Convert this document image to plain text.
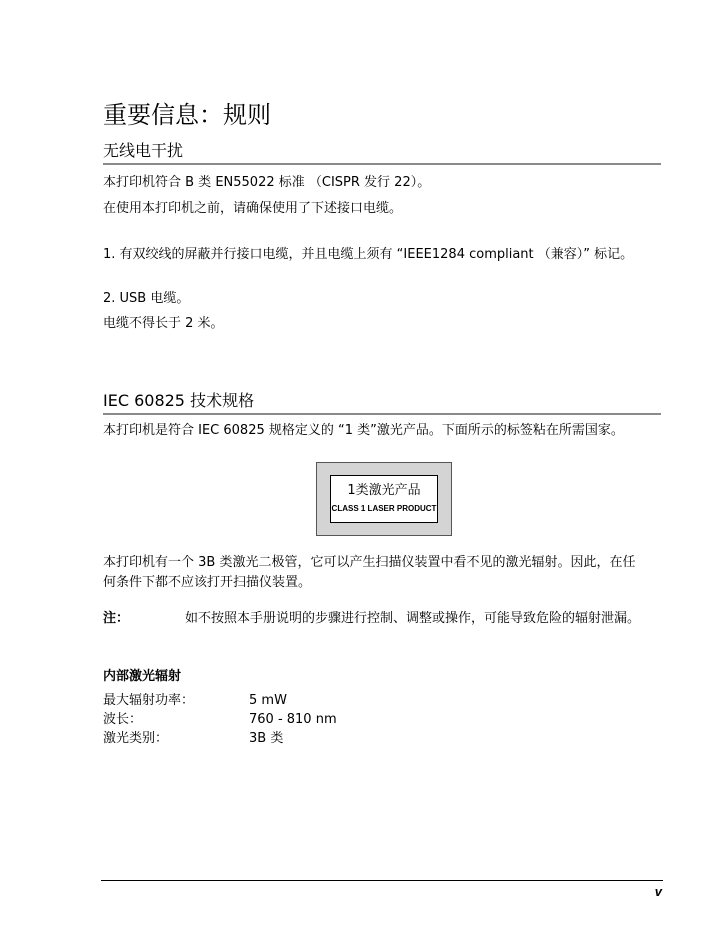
重要信息：规则
无线电干扰

本打印机符合 B 类 EN55022 标准 （CISPR 发行 22）。

在使用本打印机之前，请确保使用了下述接口电缆。

1. 有双绞线的屏蔽并行接口电缆，并且电缆上须有 “IEEE1284 compliant （兼容）” 标记。

2. USB 电缆。

电缆不得长于 2 米。

IEC 60825 技术规格

本打印机是符合 IEC 60825 规格定义的 “1 类”激光产品。下面所示的标签粘在所需国家。

1类激光产品
CLASS 1 LASER PRODUCT

本打印机有一个 3B 类激光二极管，它可以产生扫描仪装置中看不见的激光辐射。因此，在任何条件下都不应该打开扫描仪装置。

注：	如不按照本手册说明的步骤进行控制、调整或操作，可能导致危险的辐射泄漏。
内部激光辐射
最大辐射功率：	5 mW
波长：	760 - 810 nm
激光类别：	3B 类
v
